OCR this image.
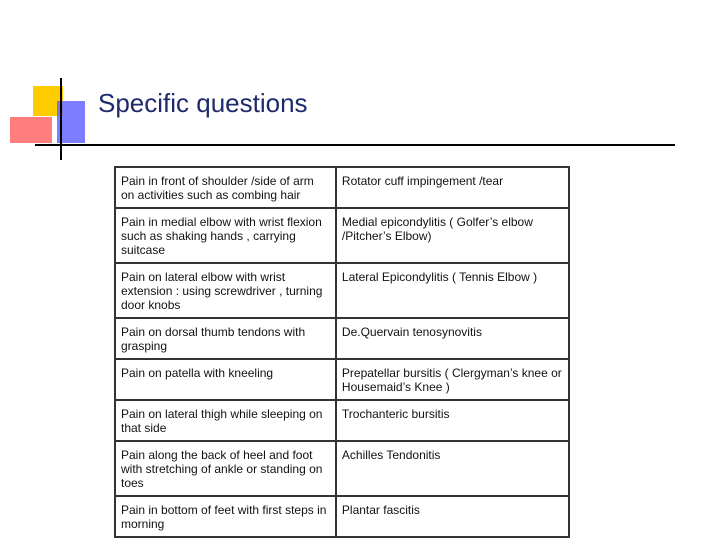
Specific questions
Pain in front of shoulder /side of arm on activities such as combing hair	Rotator cuff impingement /tear
Pain in medial elbow with wrist flexion such as shaking hands , carrying suitcase	Medial epicondylitis ( Golfer’s elbow /Pitcher’s Elbow)
Pain on lateral elbow with wrist extension : using screwdriver , turning door knobs	Lateral Epicondylitis ( Tennis Elbow )
Pain on dorsal thumb tendons with grasping	De.Quervain tenosynovitis
Pain on patella with kneeling	Prepatellar bursitis ( Clergyman’s knee or Housemaid’s Knee )
Pain on lateral thigh while sleeping on that side	Trochanteric bursitis
Pain along the back of heel and foot with stretching of ankle or standing on toes	Achilles Tendonitis
Pain in bottom of feet with first steps in morning	Plantar fascitis
